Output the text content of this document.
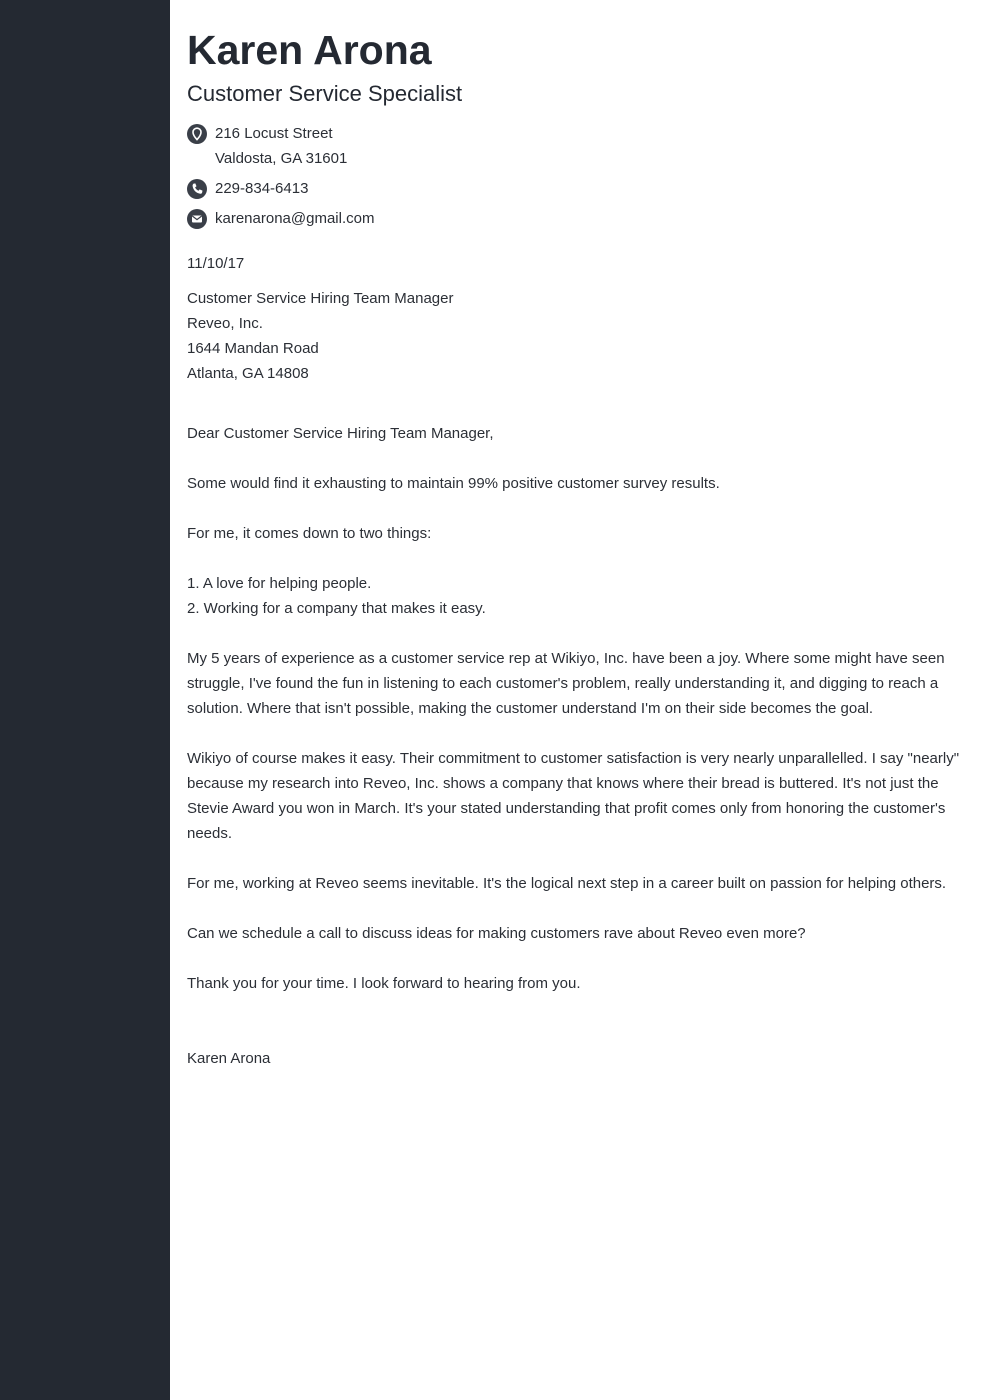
Karen Arona
Customer Service Specialist
216 Locust Street
Valdosta, GA 31601
229-834-6413
karenarona@gmail.com
11/10/17
Customer Service Hiring Team Manager
Reveo, Inc.
1644 Mandan Road
Atlanta, GA 14808
Dear Customer Service Hiring Team Manager,
Some would find it exhausting to maintain 99% positive customer survey results.
For me, it comes down to two things:
1. A love for helping people.
2. Working for a company that makes it easy.
My 5 years of experience as a customer service rep at Wikiyo, Inc. have been a joy. Where some might have seen struggle, I've found the fun in listening to each customer's problem, really understanding it, and digging to reach a solution. Where that isn't possible, making the customer understand I'm on their side becomes the goal.
Wikiyo of course makes it easy. Their commitment to customer satisfaction is very nearly unparallelled. I say "nearly" because my research into Reveo, Inc. shows a company that knows where their bread is buttered. It's not just the Stevie Award you won in March. It's your stated understanding that profit comes only from honoring the customer's needs.
For me, working at Reveo seems inevitable. It's the logical next step in a career built on passion for helping others.
Can we schedule a call to discuss ideas for making customers rave about Reveo even more?
Thank you for your time. I look forward to hearing from you.
Karen Arona
